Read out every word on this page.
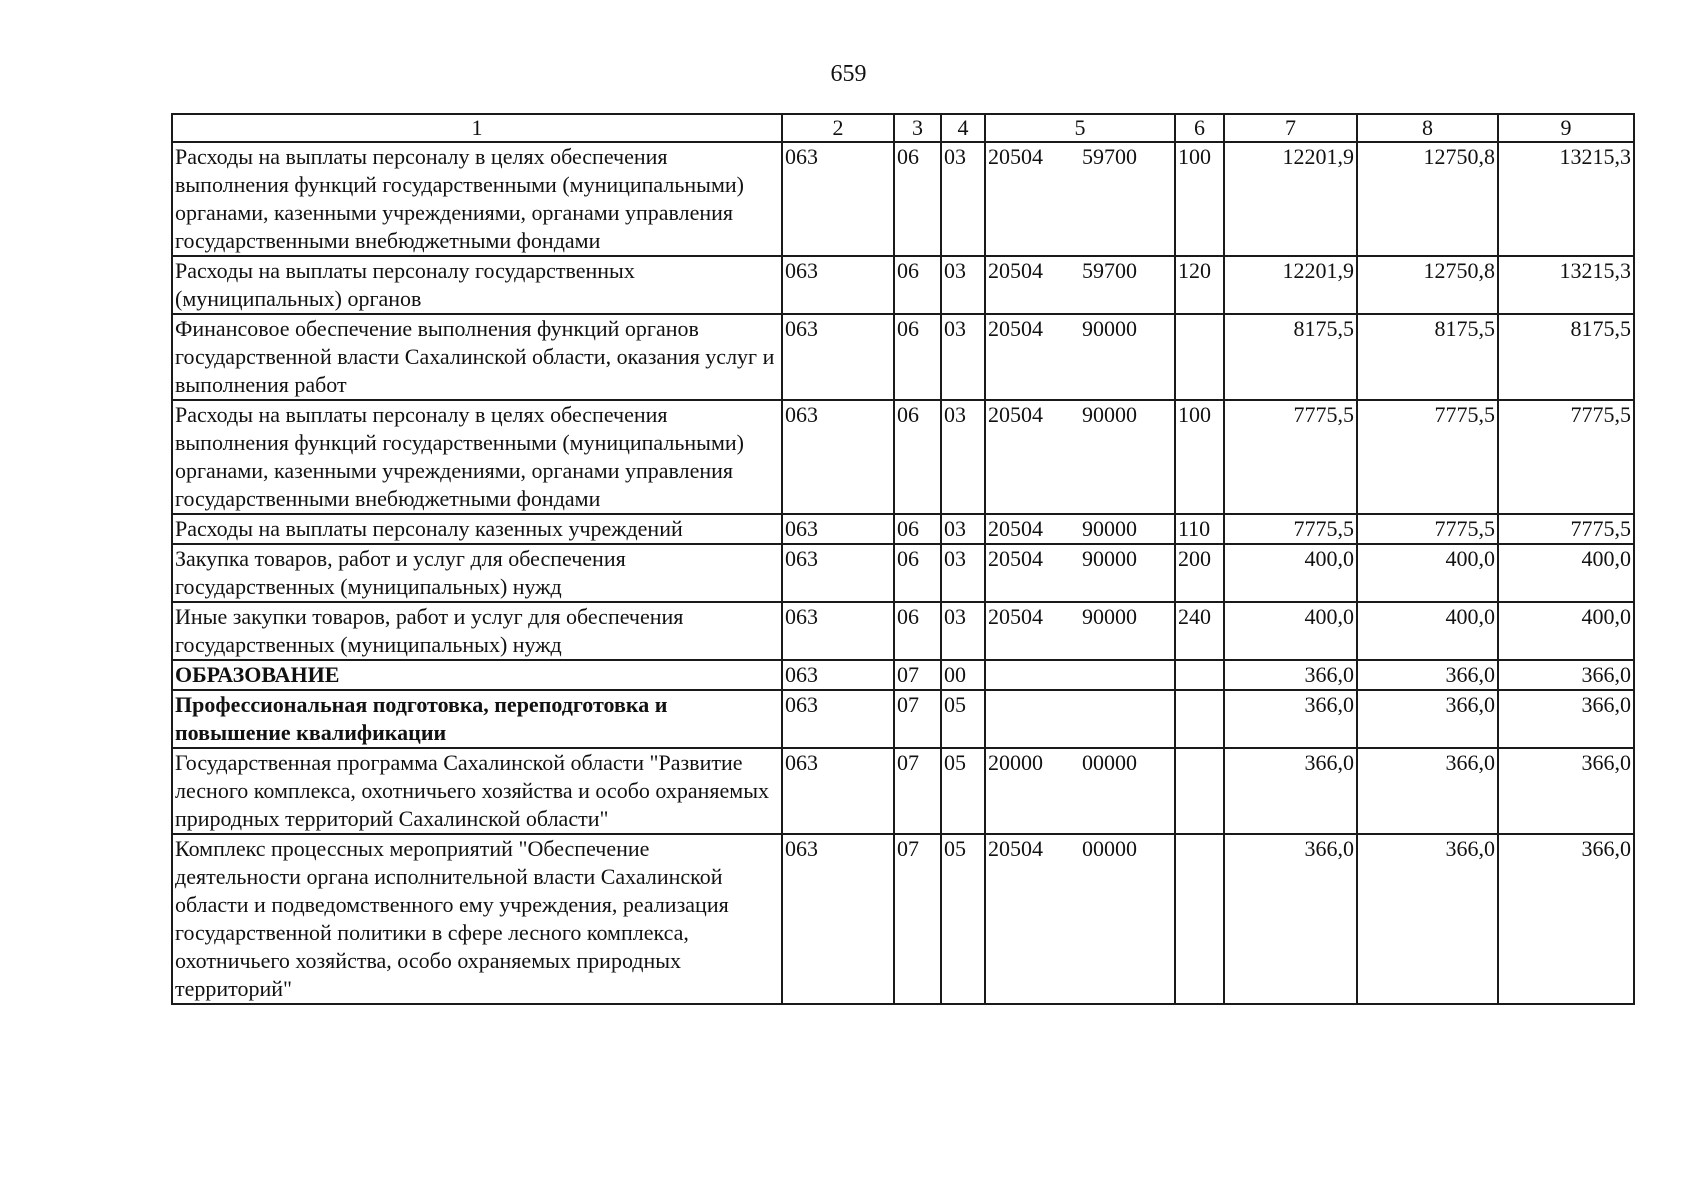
659
1	2	3	4	5	6	7	8	9
Расходы на выплаты персоналу в целях обеспечения выполнения функций государственными (муниципальными) органами, казенными учреждениями, органами управления государственными внебюджетными фондами	063	06	03	20504 59700	100	12201,9	12750,8	13215,3
Расходы на выплаты персоналу государственных (муниципальных) органов	063	06	03	20504 59700	120	12201,9	12750,8	13215,3
Финансовое обеспечение выполнения функций органов государственной власти Сахалинской области, оказания услуг и выполнения работ	063	06	03	20504 90000		8175,5	8175,5	8175,5
Расходы на выплаты персоналу в целях обеспечения выполнения функций государственными (муниципальными) органами, казенными учреждениями, органами управления государственными внебюджетными фондами	063	06	03	20504 90000	100	7775,5	7775,5	7775,5
Расходы на выплаты персоналу казенных учреждений	063	06	03	20504 90000	110	7775,5	7775,5	7775,5
Закупка товаров, работ и услуг для обеспечения государственных (муниципальных) нужд	063	06	03	20504 90000	200	400,0	400,0	400,0
Иные закупки товаров, работ и услуг для обеспечения государственных (муниципальных) нужд	063	06	03	20504 90000	240	400,0	400,0	400,0
ОБРАЗОВАНИЕ	063	07	00			366,0	366,0	366,0
Профессиональная подготовка, переподготовка и повышение квалификации	063	07	05			366,0	366,0	366,0
Государственная программа Сахалинской области "Развитие лесного комплекса, охотничьего хозяйства и особо охраняемых природных территорий Сахалинской области"	063	07	05	20000 00000		366,0	366,0	366,0
Комплекс процессных мероприятий "Обеспечение деятельности органа исполнительной власти Сахалинской области и подведомственного ему учреждения, реализация государственной политики в сфере лесного комплекса, охотничьего хозяйства, особо охраняемых природных территорий"	063	07	05	20504 00000		366,0	366,0	366,0
